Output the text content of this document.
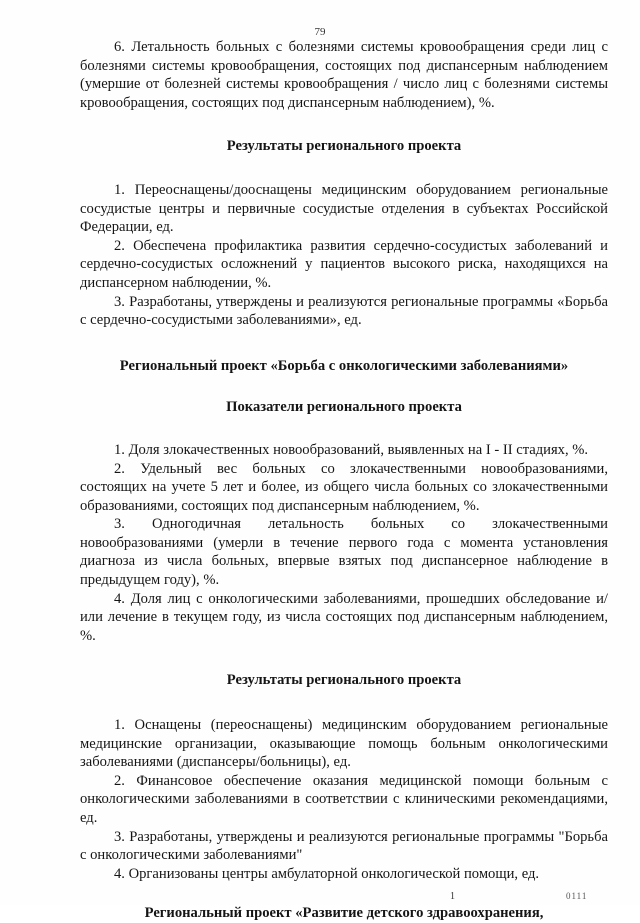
79

6. Летальность больных с болезнями системы кровообращения среди лиц с болезнями системы кровообращения, состоящих под диспансерным наблюдением (умершие от болезней системы кровообращения / число лиц с болезнями системы кровообращения, состоящих под диспансерным наблюдением), %.

Результаты регионального проекта

1. Переоснащены/дооснащены медицинским оборудованием региональные сосудистые центры и первичные сосудистые отделения в субъектах Российской Федерации, ед.

2. Обеспечена профилактика развития сердечно-сосудистых заболеваний и сердечно-сосудистых осложнений у пациентов высокого риска, находящихся на диспансерном наблюдении, %.

3. Разработаны, утверждены и реализуются региональные программы «Борьба с сердечно-сосудистыми заболеваниями», ед.

Региональный проект «Борьба с онкологическими заболеваниями»

Показатели регионального проекта

1. Доля злокачественных новообразований, выявленных на I - II стадиях, %.

2. Удельный вес больных со злокачественными новообразованиями, состоящих на учете 5 лет и более, из общего числа больных со злокачественными образованиями, состоящих под диспансерным наблюдением, %.

3. Одногодичная летальность больных со злокачественными новообразованиями (умерли в течение первого года с момента установления диагноза из числа больных, впервые взятых под диспансерное наблюдение в предыдущем году), %.

4. Доля лиц с онкологическими заболеваниями, прошедших обследование и/или лечение в текущем году, из числа состоящих под диспансерным наблюдением, %.

Результаты регионального проекта

1. Оснащены (переоснащены) медицинским оборудованием региональные медицинские организации, оказывающие помощь больным онкологическими заболеваниями (диспансеры/больницы), ед.

2. Финансовое обеспечение оказания медицинской помощи больным с онкологическими заболеваниями в соответствии с клиническими рекомендациями, ед.

3. Разработаны, утверждены и реализуются региональные программы "Борьба с онкологическими заболеваниями"

4. Организованы центры амбулаторной онкологической помощи, ед.

Региональный проект «Развитие детского здравоохранения,

1	0111
